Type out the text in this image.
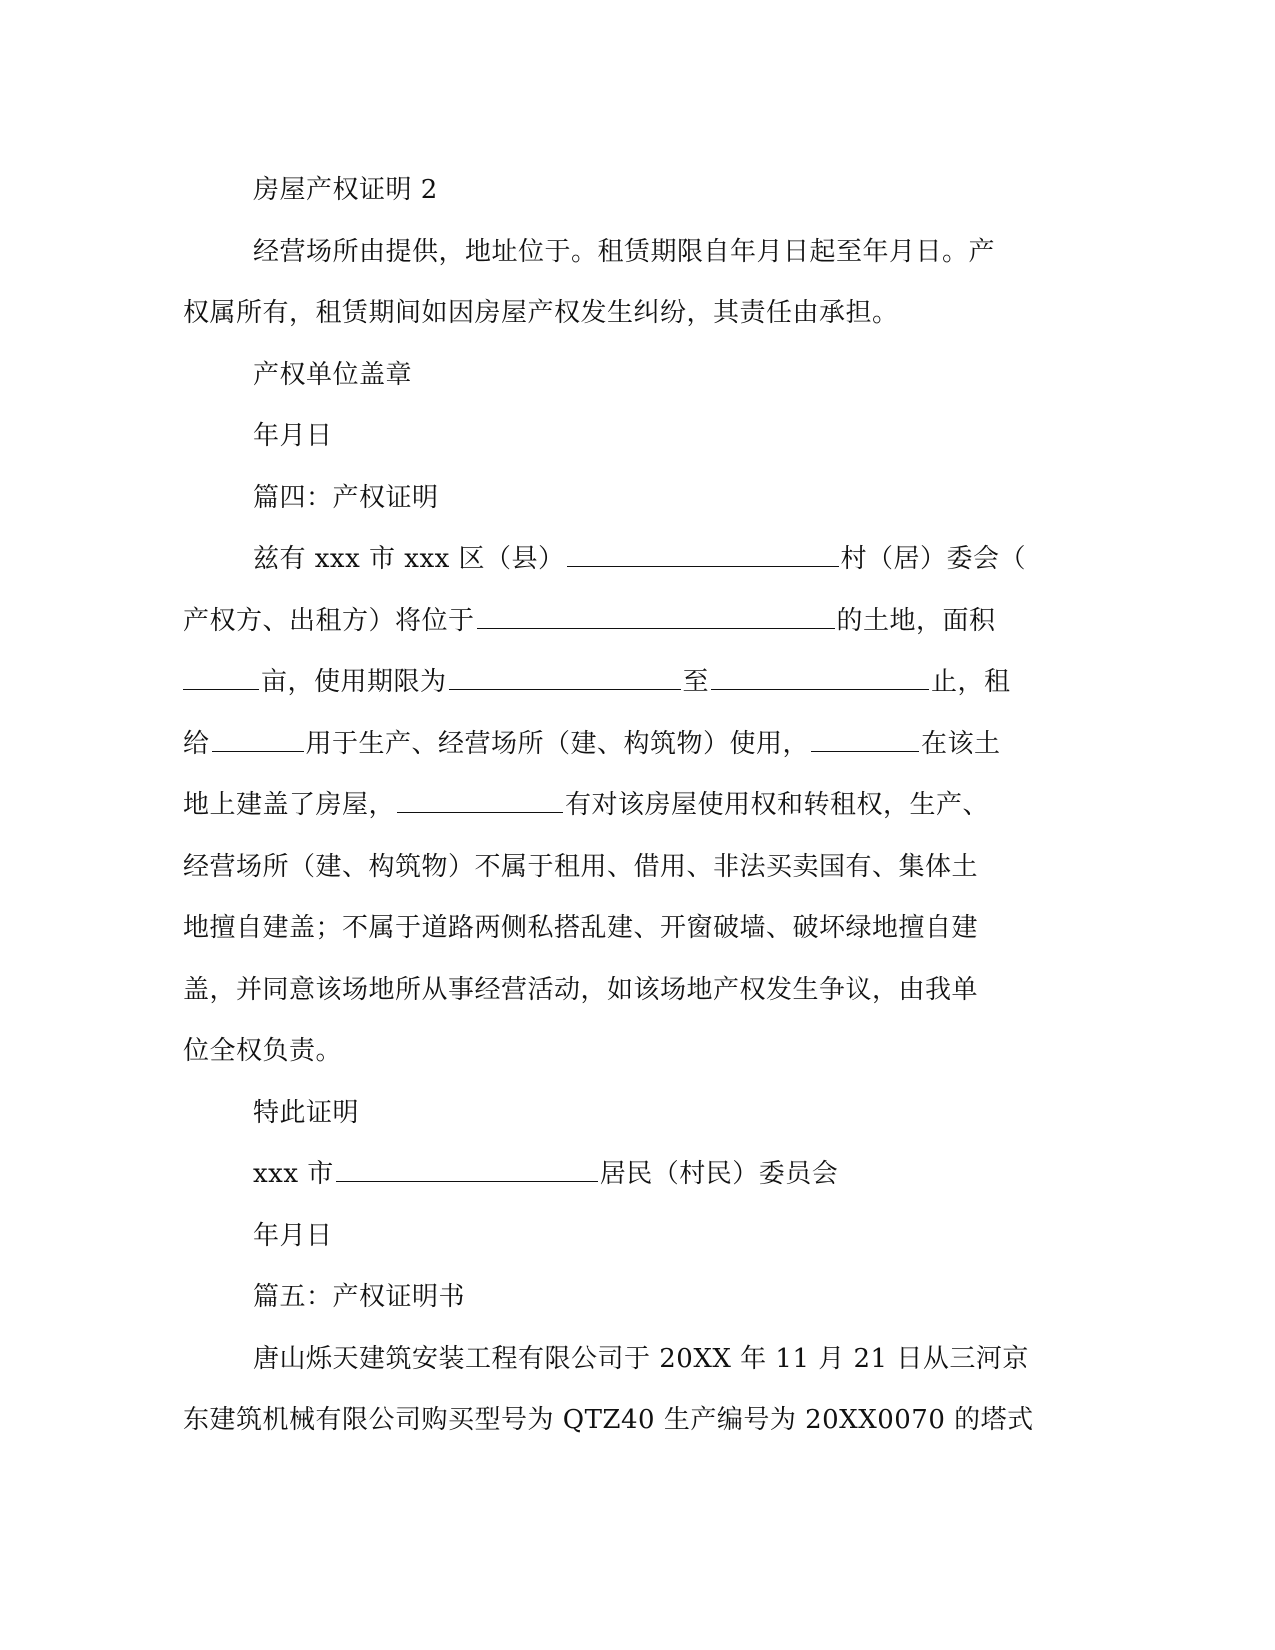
房屋产权证明 2
经营场所由提供，地址位于。租赁期限自年月日起至年月日。产
权属所有，租赁期间如因房屋产权发生纠纷，其责任由承担。
产权单位盖章
年月日
篇四：产权证明
兹有 xxx 市 xxx 区（县）	村（居）委会（
产权方、出租方）将位于	的土地，面积
亩，使用期限为	至	止，租
给	用于生产、经营场所（建、构筑物）使用，	在该土
地上建盖了房屋，	有对该房屋使用权和转租权，生产、
经营场所（建、构筑物）不属于租用、借用、非法买卖国有、集体土
地擅自建盖；不属于道路两侧私搭乱建、开窗破墙、破坏绿地擅自建
盖，并同意该场地所从事经营活动，如该场地产权发生争议，由我单
位全权负责。
特此证明
xxx 市	居民（村民）委员会
年月日
篇五：产权证明书
唐山烁天建筑安装工程有限公司于 20XX 年 11 月 21 日从三河京
东建筑机械有限公司购买型号为 QTZ40 生产编号为 20XX0070 的塔式
